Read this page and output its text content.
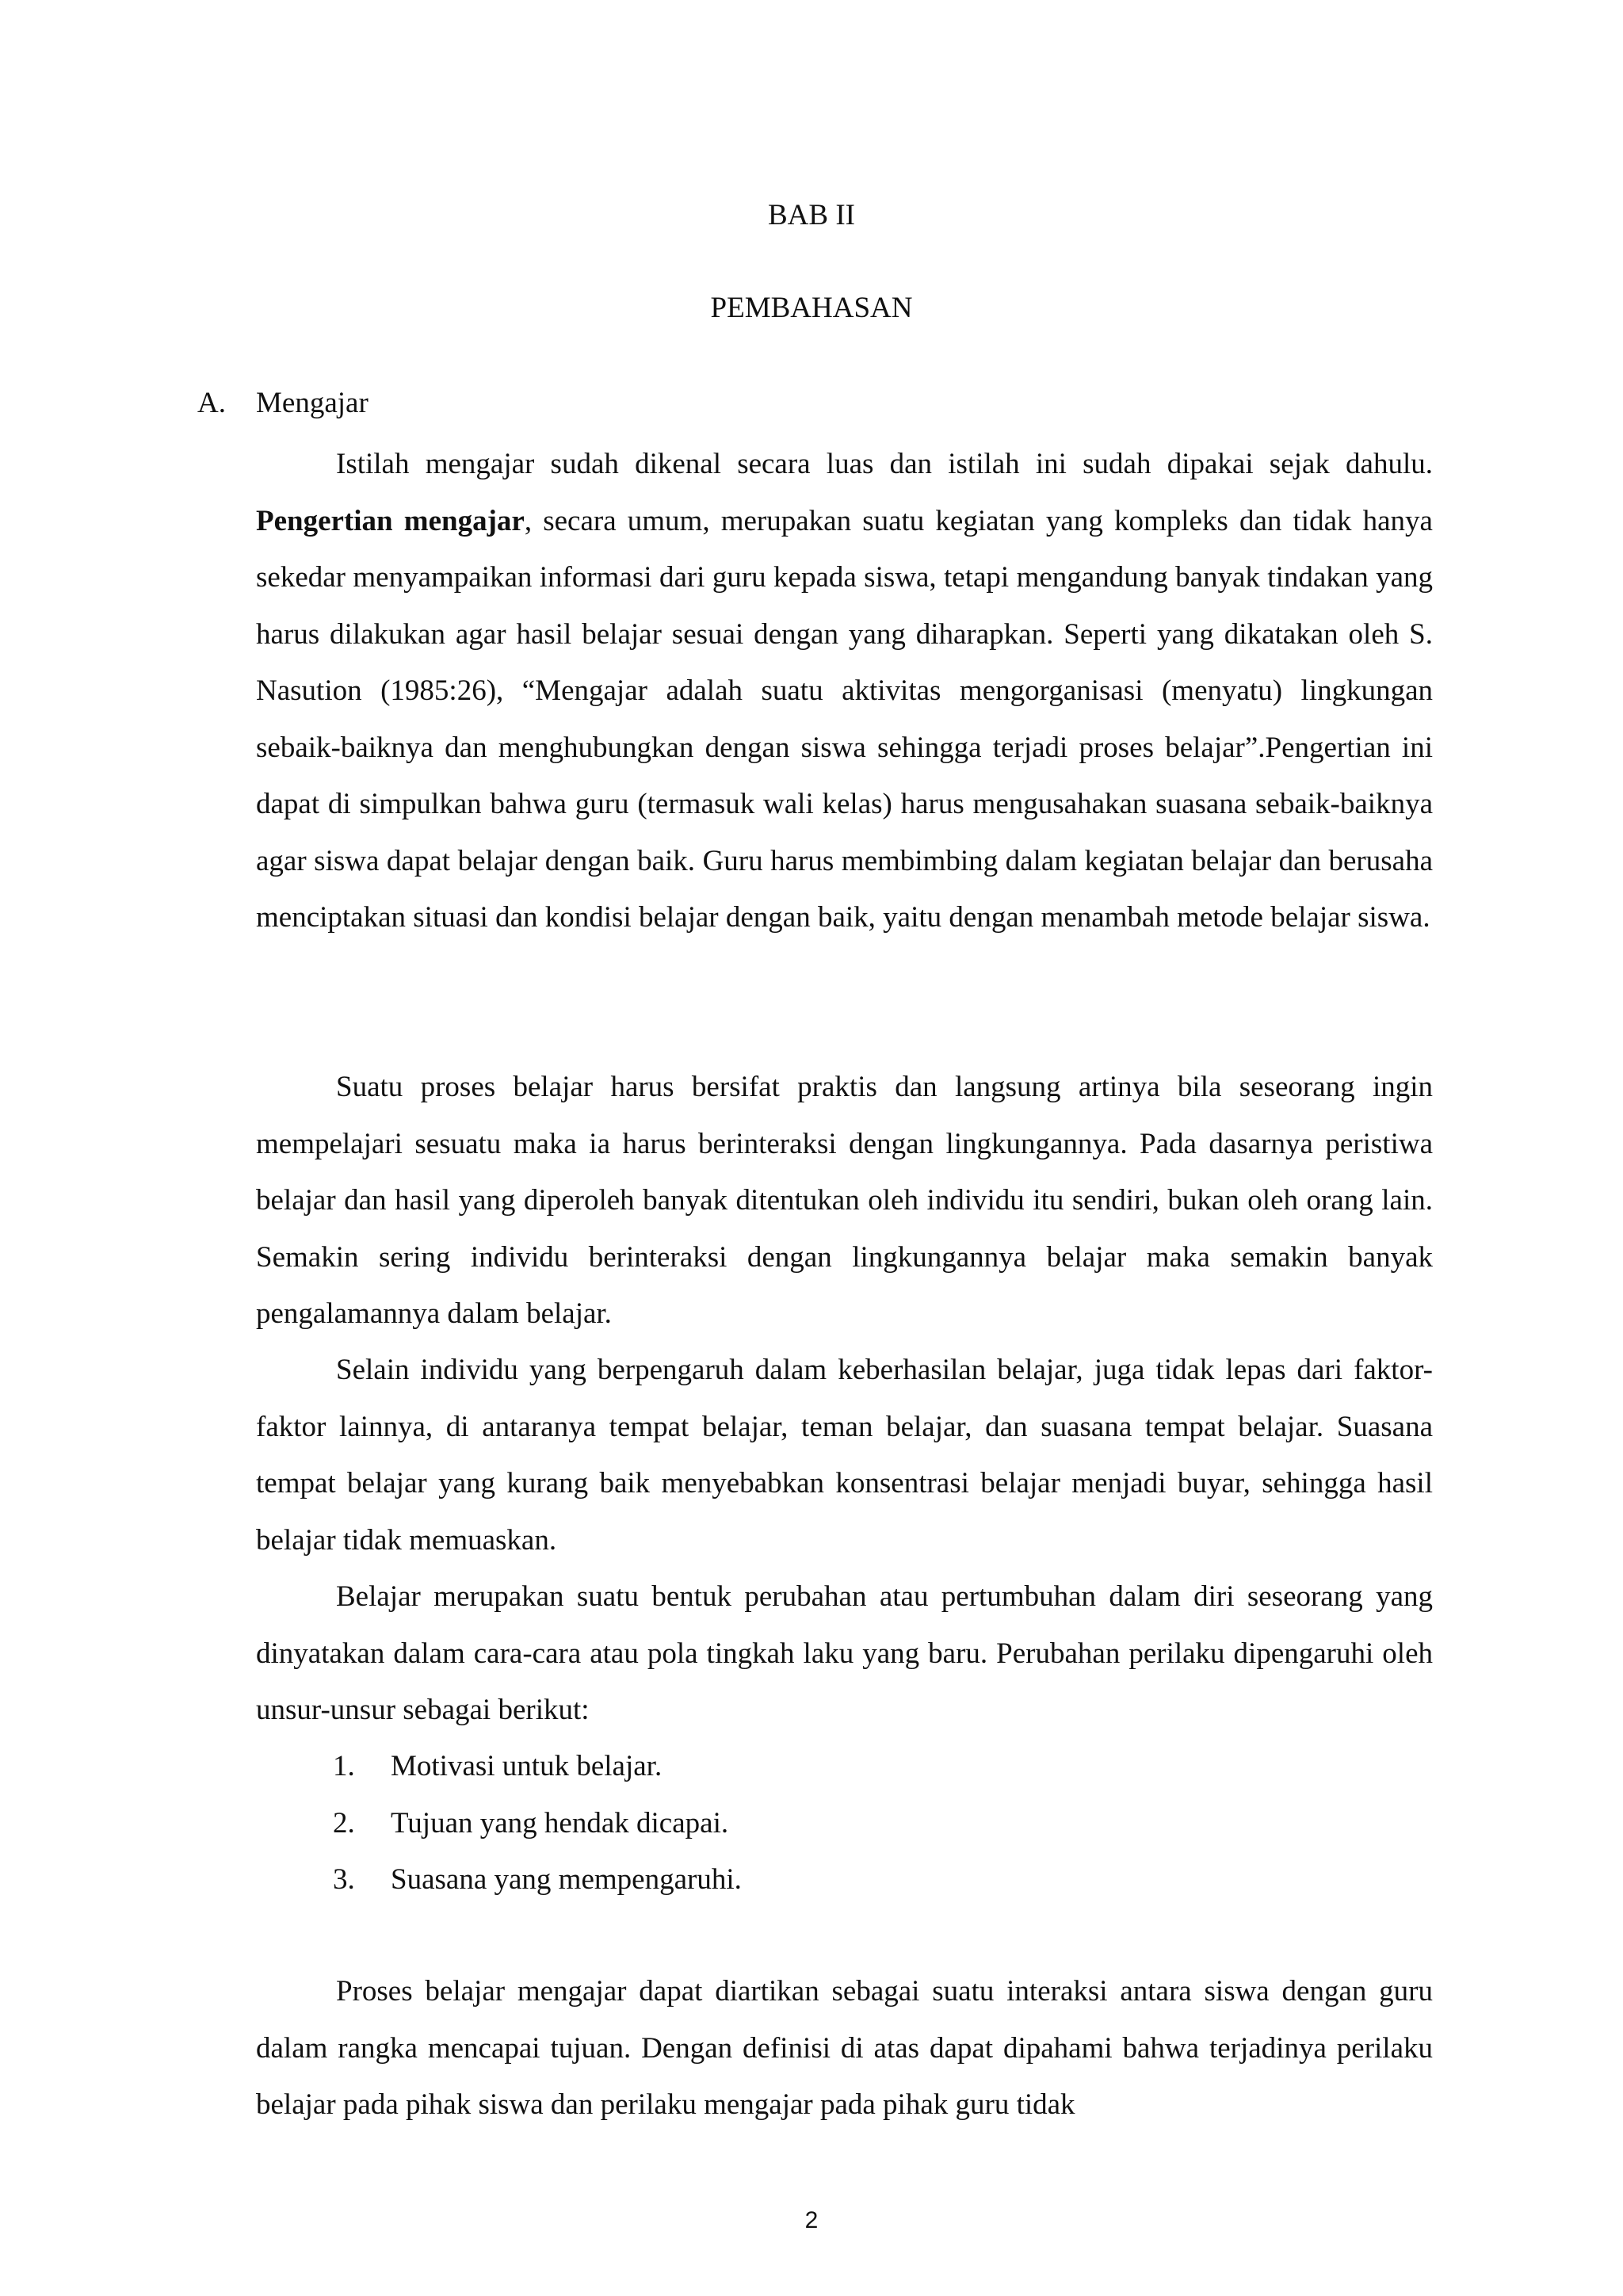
BAB II
PEMBAHASAN
A. Mengajar

Istilah mengajar sudah dikenal secara luas dan istilah ini sudah dipakai sejak dahulu. Pengertian mengajar, secara umum, merupakan suatu kegiatan yang kompleks dan tidak hanya sekedar menyampaikan informasi dari guru kepada siswa, tetapi mengandung banyak tindakan yang harus dilakukan agar hasil belajar sesuai dengan yang diharapkan. Seperti yang dikatakan oleh S. Nasution (1985:26), “Mengajar adalah suatu aktivitas mengorganisasi (menyatu) lingkungan sebaik-baiknya dan menghubungkan dengan siswa sehingga terjadi proses belajar”.Pengertian ini dapat di simpulkan bahwa guru (termasuk wali kelas) harus mengusahakan suasana sebaik-baiknya agar siswa dapat belajar dengan baik. Guru harus membimbing dalam kegiatan belajar dan berusaha menciptakan situasi dan kondisi belajar dengan baik, yaitu dengan menambah metode belajar siswa.

Suatu proses belajar harus bersifat praktis dan langsung artinya bila seseorang ingin mempelajari sesuatu maka ia harus berinteraksi dengan lingkungannya. Pada dasarnya peristiwa belajar dan hasil yang diperoleh banyak ditentukan oleh individu itu sendiri, bukan oleh orang lain. Semakin sering individu berinteraksi dengan lingkungannya belajar maka semakin banyak pengalamannya dalam belajar.

Selain individu yang berpengaruh dalam keberhasilan belajar, juga tidak lepas dari faktor-faktor lainnya, di antaranya tempat belajar, teman belajar, dan suasana tempat belajar. Suasana tempat belajar yang kurang baik menyebabkan konsentrasi belajar menjadi buyar, sehingga hasil belajar tidak memuaskan.

Belajar merupakan suatu bentuk perubahan atau pertumbuhan dalam diri seseorang yang dinyatakan dalam cara-cara atau pola tingkah laku yang baru. Perubahan perilaku dipengaruhi oleh unsur-unsur sebagai berikut:

1.	Motivasi untuk belajar.
2.	Tujuan yang hendak dicapai.
3.	Suasana yang mempengaruhi.

Proses belajar mengajar dapat diartikan sebagai suatu interaksi antara siswa dengan guru dalam rangka mencapai tujuan. Dengan definisi di atas dapat dipahami bahwa terjadinya perilaku belajar pada pihak siswa dan perilaku mengajar pada pihak guru tidak

2
